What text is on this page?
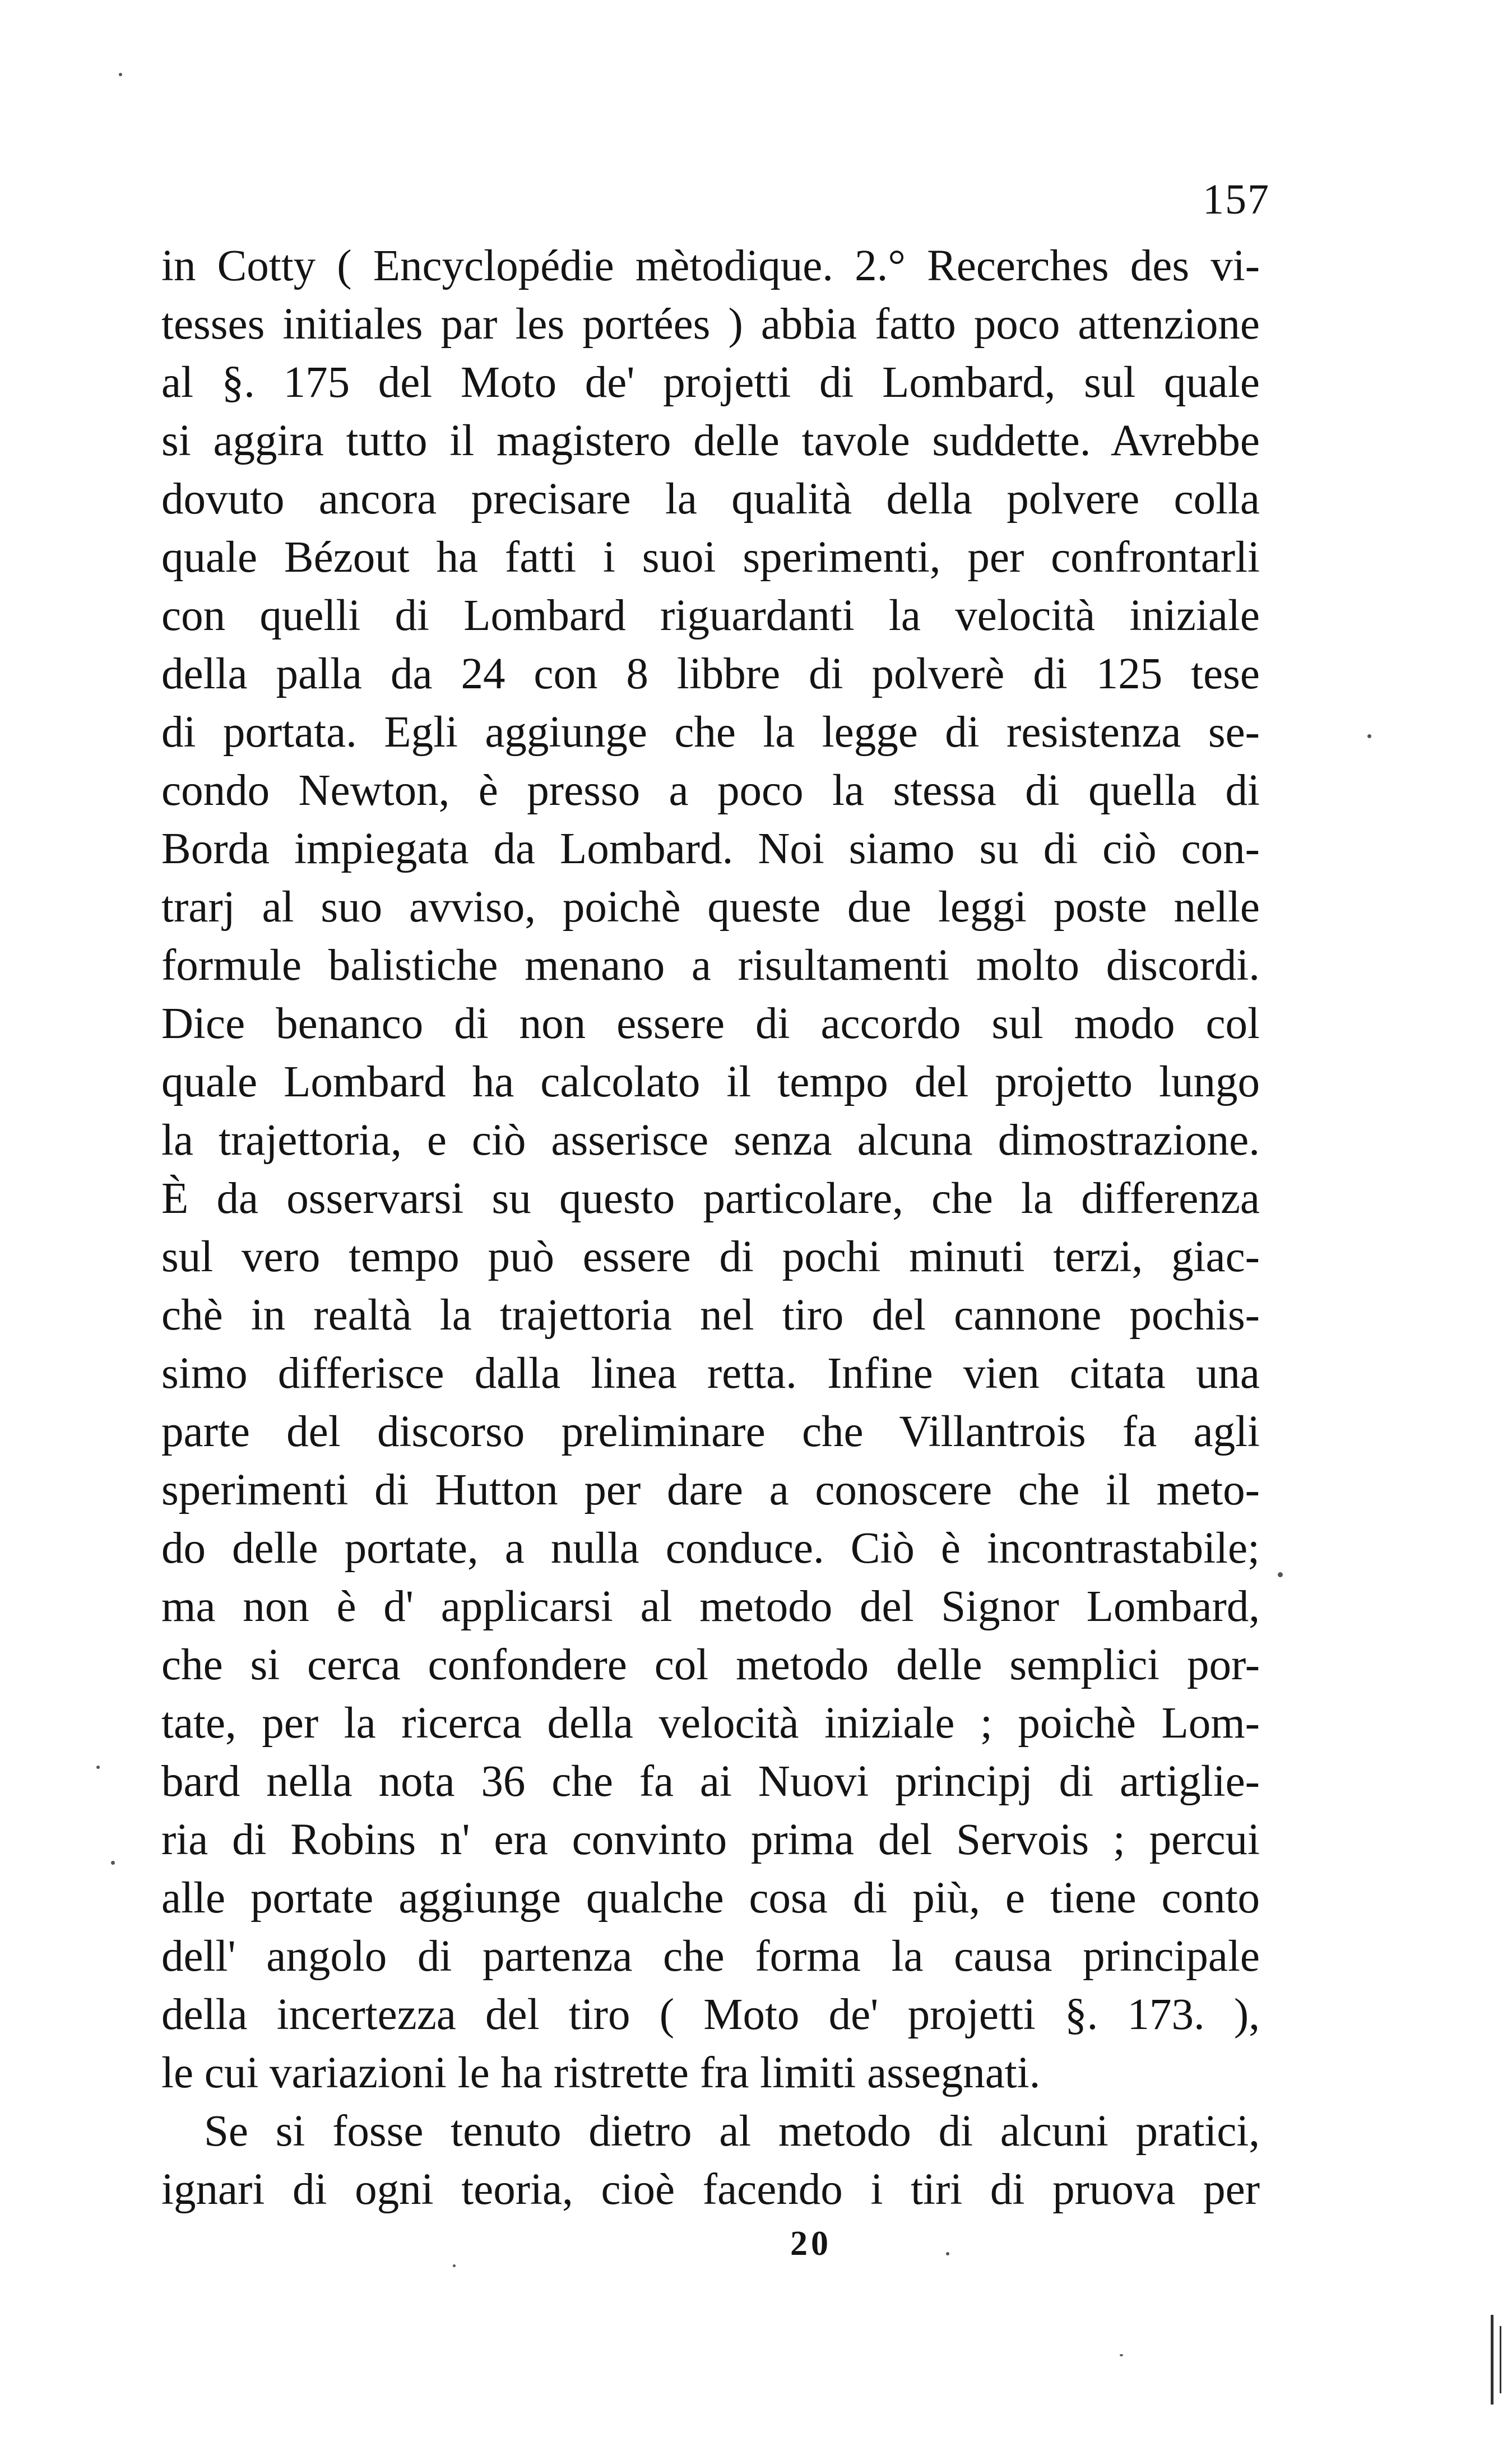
157
in Cotty ( Encyclopédie mètodique. 2.° Recerches des vi-
tesses initiales par les portées ) abbia fatto poco attenzione
al §. 175 del Moto de' projetti di Lombard, sul quale
si aggira tutto il magistero delle tavole suddette. Avrebbe
dovuto ancora precisare la qualità della polvere colla
quale Bézout ha fatti i suoi sperimenti, per confrontarli
con quelli di Lombard riguardanti la velocità iniziale
della palla da 24 con 8 libbre di polverè di 125 tese
di portata. Egli aggiunge che la legge di resistenza se-
condo Newton, è presso a poco la stessa di quella di
Borda impiegata da Lombard. Noi siamo su di ciò con-
trarj al suo avviso, poichè queste due leggi poste nelle
formule balistiche menano a risultamenti molto discordi.
Dice benanco di non essere di accordo sul modo col
quale Lombard ha calcolato il tempo del projetto lungo
la trajettoria, e ciò asserisce senza alcuna dimostrazione.
È da osservarsi su questo particolare, che la differenza
sul vero tempo può essere di pochi minuti terzi, giac-
chè in realtà la trajettoria nel tiro del cannone pochis-
simo differisce dalla linea retta. Infine vien citata una
parte del discorso preliminare che Villantrois fa agli
sperimenti di Hutton per dare a conoscere che il meto-
do delle portate, a nulla conduce. Ciò è incontrastabile;
ma non è d' applicarsi al metodo del Signor Lombard,
che si cerca confondere col metodo delle semplici por-
tate, per la ricerca della velocità iniziale ; poichè Lom-
bard nella nota 36 che fa ai Nuovi principj di artiglie-
ria di Robins n' era convinto prima del Servois ; percui
alle portate aggiunge qualche cosa di più, e tiene conto
dell' angolo di partenza che forma la causa principale
della incertezza del tiro ( Moto de' projetti §. 173. ),
le cui variazioni le ha ristrette fra limiti assegnati.
Se si fosse tenuto dietro al metodo di alcuni pratici,
ignari di ogni teoria, cioè facendo i tiri di pruova per
20
